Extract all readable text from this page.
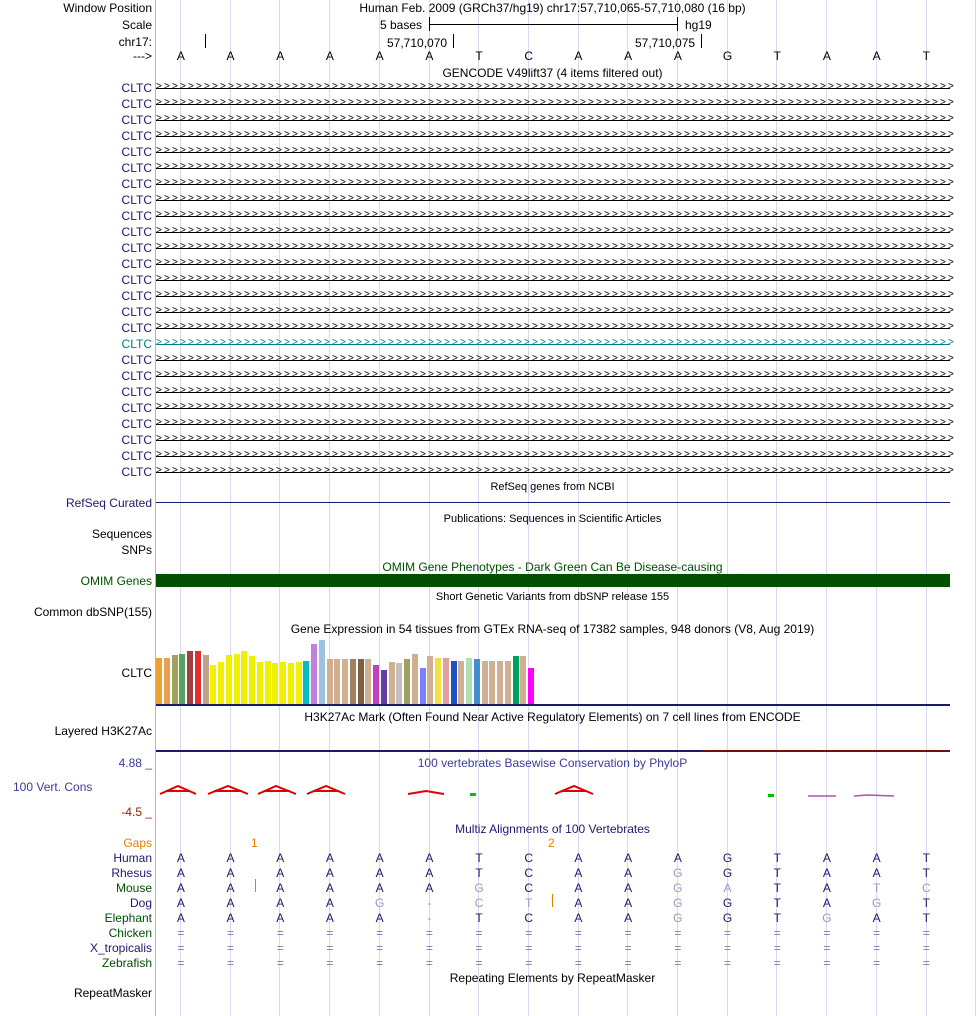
Window Position	Human Feb. 2009 (GRCh37/hg19) chr17:57,710,065-57,710,080 (16 bp)
Scale	5 bases	hg19
chr17:	57,710,070	57,710,075
--->	A	A	A	A	A	A	T	C	A	A	A	G	T	A	A	T
GENCODE V49lift37 (4 items filtered out)
CLTC > > > > > > > > > > > > > > > > > > > > > > > > > > > > > > > > > > > > > > > > > > > > > > > > > > > > > > > > > > > > > > > > > > > > > > > > > > > > > > > > > > > > > > > > > > > > > > > > > > > >
CLTC > > > > > > > > > > > > > > > > > > > > > > > > > > > > > > > > > > > > > > > > > > > > > > > > > > > > > > > > > > > > > > > > > > > > > > > > > > > > > > > > > > > > > > > > > > > > > > > > > > > >
CLTC > > > > > > > > > > > > > > > > > > > > > > > > > > > > > > > > > > > > > > > > > > > > > > > > > > > > > > > > > > > > > > > > > > > > > > > > > > > > > > > > > > > > > > > > > > > > > > > > > > > >
CLTC > > > > > > > > > > > > > > > > > > > > > > > > > > > > > > > > > > > > > > > > > > > > > > > > > > > > > > > > > > > > > > > > > > > > > > > > > > > > > > > > > > > > > > > > > > > > > > > > > > > >
CLTC > > > > > > > > > > > > > > > > > > > > > > > > > > > > > > > > > > > > > > > > > > > > > > > > > > > > > > > > > > > > > > > > > > > > > > > > > > > > > > > > > > > > > > > > > > > > > > > > > > > >
CLTC > > > > > > > > > > > > > > > > > > > > > > > > > > > > > > > > > > > > > > > > > > > > > > > > > > > > > > > > > > > > > > > > > > > > > > > > > > > > > > > > > > > > > > > > > > > > > > > > > > > >
CLTC > > > > > > > > > > > > > > > > > > > > > > > > > > > > > > > > > > > > > > > > > > > > > > > > > > > > > > > > > > > > > > > > > > > > > > > > > > > > > > > > > > > > > > > > > > > > > > > > > > > >
CLTC > > > > > > > > > > > > > > > > > > > > > > > > > > > > > > > > > > > > > > > > > > > > > > > > > > > > > > > > > > > > > > > > > > > > > > > > > > > > > > > > > > > > > > > > > > > > > > > > > > > >
CLTC > > > > > > > > > > > > > > > > > > > > > > > > > > > > > > > > > > > > > > > > > > > > > > > > > > > > > > > > > > > > > > > > > > > > > > > > > > > > > > > > > > > > > > > > > > > > > > > > > > > >
CLTC > > > > > > > > > > > > > > > > > > > > > > > > > > > > > > > > > > > > > > > > > > > > > > > > > > > > > > > > > > > > > > > > > > > > > > > > > > > > > > > > > > > > > > > > > > > > > > > > > > > >
CLTC > > > > > > > > > > > > > > > > > > > > > > > > > > > > > > > > > > > > > > > > > > > > > > > > > > > > > > > > > > > > > > > > > > > > > > > > > > > > > > > > > > > > > > > > > > > > > > > > > > > >
CLTC > > > > > > > > > > > > > > > > > > > > > > > > > > > > > > > > > > > > > > > > > > > > > > > > > > > > > > > > > > > > > > > > > > > > > > > > > > > > > > > > > > > > > > > > > > > > > > > > > > > >
CLTC > > > > > > > > > > > > > > > > > > > > > > > > > > > > > > > > > > > > > > > > > > > > > > > > > > > > > > > > > > > > > > > > > > > > > > > > > > > > > > > > > > > > > > > > > > > > > > > > > > > >
CLTC > > > > > > > > > > > > > > > > > > > > > > > > > > > > > > > > > > > > > > > > > > > > > > > > > > > > > > > > > > > > > > > > > > > > > > > > > > > > > > > > > > > > > > > > > > > > > > > > > > > >
CLTC > > > > > > > > > > > > > > > > > > > > > > > > > > > > > > > > > > > > > > > > > > > > > > > > > > > > > > > > > > > > > > > > > > > > > > > > > > > > > > > > > > > > > > > > > > > > > > > > > > > >
CLTC > > > > > > > > > > > > > > > > > > > > > > > > > > > > > > > > > > > > > > > > > > > > > > > > > > > > > > > > > > > > > > > > > > > > > > > > > > > > > > > > > > > > > > > > > > > > > > > > > > > >
CLTC > > > > > > > > > > > > > > > > > > > > > > > > > > > > > > > > > > > > > > > > > > > > > > > > > > > > > > > > > > > > > > > > > > > > > > > > > > > > > > > > > > > > > > > > > > > > > > > > > > > >
CLTC > > > > > > > > > > > > > > > > > > > > > > > > > > > > > > > > > > > > > > > > > > > > > > > > > > > > > > > > > > > > > > > > > > > > > > > > > > > > > > > > > > > > > > > > > > > > > > > > > > > >
CLTC > > > > > > > > > > > > > > > > > > > > > > > > > > > > > > > > > > > > > > > > > > > > > > > > > > > > > > > > > > > > > > > > > > > > > > > > > > > > > > > > > > > > > > > > > > > > > > > > > > > >
CLTC > > > > > > > > > > > > > > > > > > > > > > > > > > > > > > > > > > > > > > > > > > > > > > > > > > > > > > > > > > > > > > > > > > > > > > > > > > > > > > > > > > > > > > > > > > > > > > > > > > > >
CLTC > > > > > > > > > > > > > > > > > > > > > > > > > > > > > > > > > > > > > > > > > > > > > > > > > > > > > > > > > > > > > > > > > > > > > > > > > > > > > > > > > > > > > > > > > > > > > > > > > > > >
CLTC > > > > > > > > > > > > > > > > > > > > > > > > > > > > > > > > > > > > > > > > > > > > > > > > > > > > > > > > > > > > > > > > > > > > > > > > > > > > > > > > > > > > > > > > > > > > > > > > > > > >
CLTC > > > > > > > > > > > > > > > > > > > > > > > > > > > > > > > > > > > > > > > > > > > > > > > > > > > > > > > > > > > > > > > > > > > > > > > > > > > > > > > > > > > > > > > > > > > > > > > > > > > >
CLTC > > > > > > > > > > > > > > > > > > > > > > > > > > > > > > > > > > > > > > > > > > > > > > > > > > > > > > > > > > > > > > > > > > > > > > > > > > > > > > > > > > > > > > > > > > > > > > > > > > > >
CLTC > > > > > > > > > > > > > > > > > > > > > > > > > > > > > > > > > > > > > > > > > > > > > > > > > > > > > > > > > > > > > > > > > > > > > > > > > > > > > > > > > > > > > > > > > > > > > > > > > > > >
RefSeq genes from NCBI
RefSeq Curated
Publications: Sequences in Scientific Articles
Sequences
SNPs
OMIM Gene Phenotypes - Dark Green Can Be Disease-causing
OMIM Genes
Short Genetic Variants from dbSNP release 155
Common dbSNP(155)
Gene Expression in 54 tissues from GTEx RNA-seq of 17382 samples, 948 donors (V8, Aug 2019)
CLTC
H3K27Ac Mark (Often Found Near Active Regulatory Elements) on 7 cell lines from ENCODE
Layered H3K27Ac
100 vertebrates Basewise Conservation by PhyloP
4.88 _
100 Vert. Cons
-4.5 _
Multiz Alignments of 100 Vertebrates
Gaps	1	2
Human	A	A	A	A	A	A	T	C	A	A	A	G	T	A	A	T
Rhesus	A	A	A	A	A	A	T	C	A	A	G	G	T	A	A	T
Mouse	A	A	A	A	A	A	G	C	A	A	G	A	T	A	T	C
Dog	A	A	A	A	G	-	C	T	A	A	G	G	T	A	G	T
Elephant	A	A	A	A	A	-	T	C	A	A	G	G	T	G	A	T
Chicken	=	=	=	=	=	=	=	=	=	=	=	=	=	=	=	=
X_tropicalis	=	=	=	=	=	=	=	=	=	=	=	=	=	=	=	=
Zebrafish	=	=	=	=	=	=	=	=	=	=	=	=	=	=	=	=
Repeating Elements by RepeatMasker
RepeatMasker
